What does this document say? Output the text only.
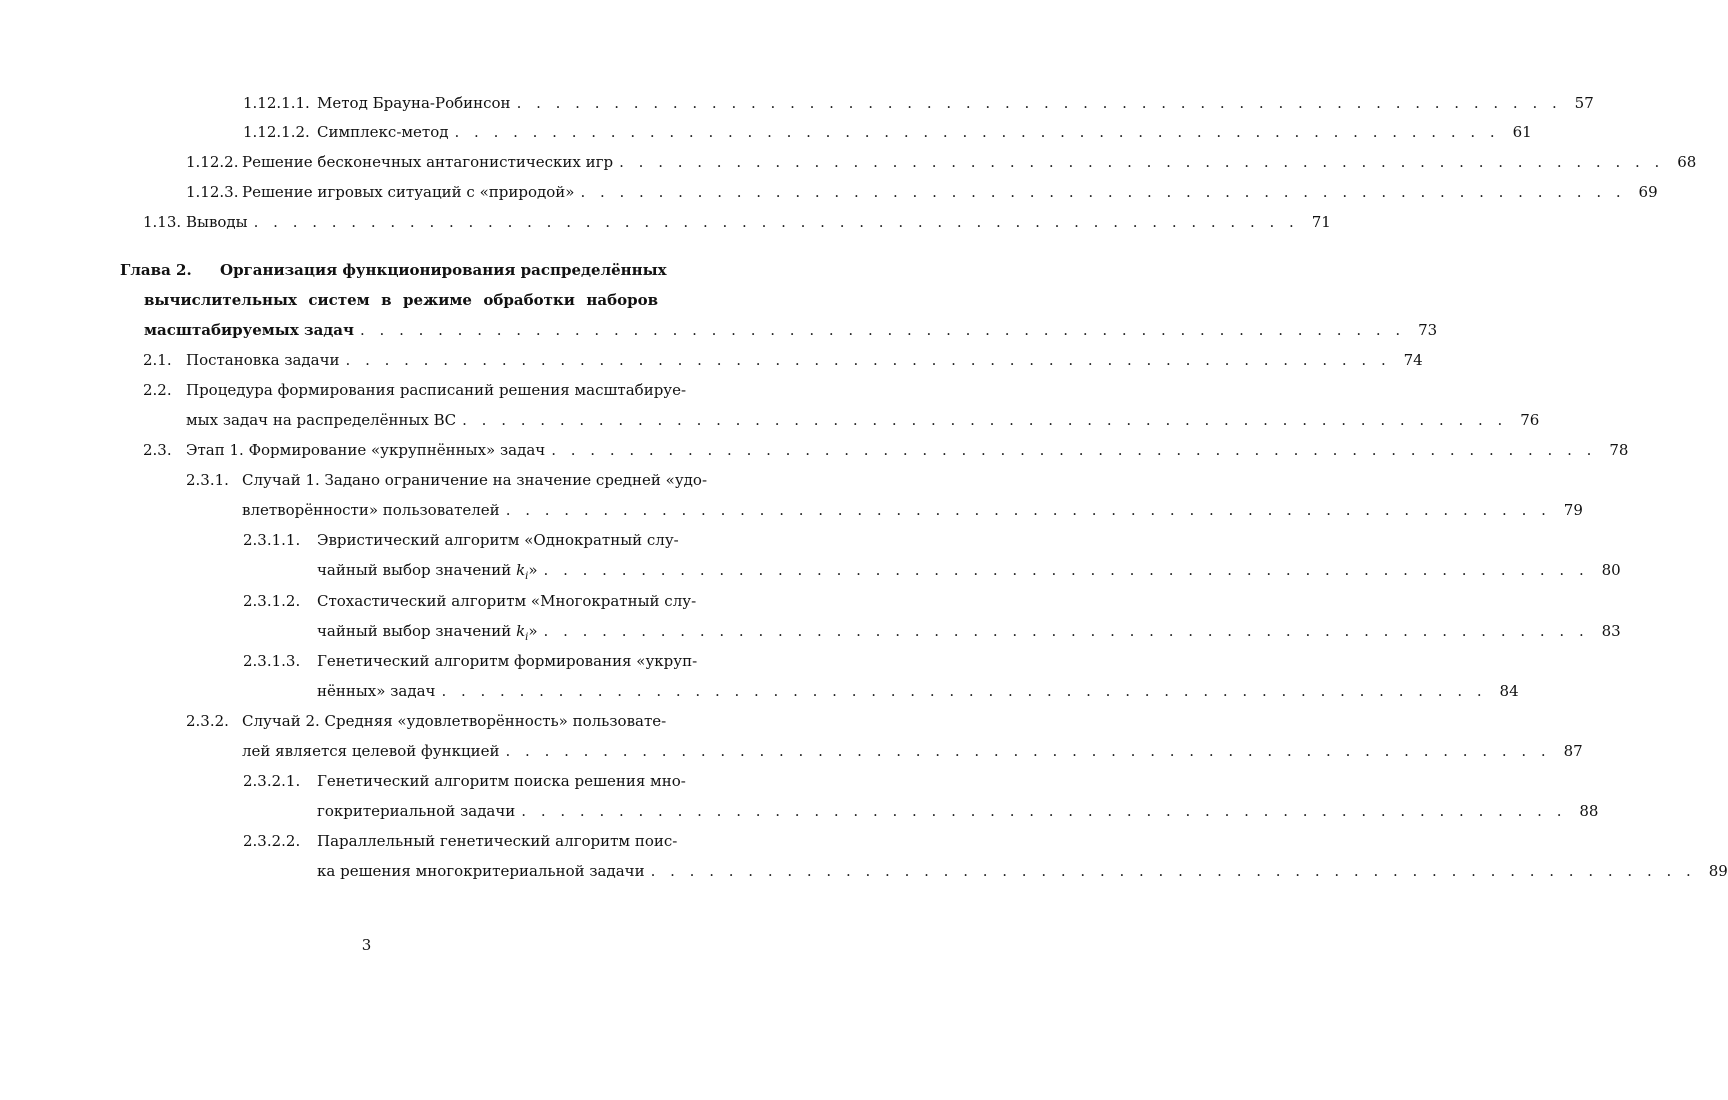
1.12.1.1. Метод Брауна-Робинсон . . . . . . . . . . . . . . . . . . . . . . . . . . . . . . . . . . . . . . . . . . . . . . . . . . . . . . 57
1.12.1.2. Симплекс-метод . . . . . . . . . . . . . . . . . . . . . . . . . . . . . . . . . . . . . . . . . . . . . . . . . . . . . . 61
1.12.2. Решение бесконечных антагонистических игр . . . . . . . . . . . . . . . . . . . . . . . . . . . . . . . . . . . . . . . . . . . . . . . . . . . . . . 68
1.12.3. Решение игровых ситуаций с «природой» . . . . . . . . . . . . . . . . . . . . . . . . . . . . . . . . . . . . . . . . . . . . . . . . . . . . . . 69
1.13. Выводы . . . . . . . . . . . . . . . . . . . . . . . . . . . . . . . . . . . . . . . . . . . . . . . . . . . . . . 71
Глава 2. Организация функционирования распределённых
вычислительных систем в режиме обработки наборов
масштабируемых задач . . . . . . . . . . . . . . . . . . . . . . . . . . . . . . . . . . . . . . . . . . . . . . . . . . . . . . 73
2.1. Постановка задачи . . . . . . . . . . . . . . . . . . . . . . . . . . . . . . . . . . . . . . . . . . . . . . . . . . . . . . 74
2.2. Процедура формирования расписаний решения масштабируе-
мых задач на распределённых ВС . . . . . . . . . . . . . . . . . . . . . . . . . . . . . . . . . . . . . . . . . . . . . . . . . . . . . . 76
2.3. Этап 1. Формирование «укрупнённых» задач . . . . . . . . . . . . . . . . . . . . . . . . . . . . . . . . . . . . . . . . . . . . . . . . . . . . . . 78
2.3.1. Случай 1. Задано ограничение на значение средней «удо-
влетворённости» пользователей . . . . . . . . . . . . . . . . . . . . . . . . . . . . . . . . . . . . . . . . . . . . . . . . . . . . . . 79
2.3.1.1. Эвристический алгоритм «Однократный слу-
чайный выбор значений $k_i$» . . . . . . . . . . . . . . . . . . . . . . . . . . . . . . . . . . . . . . . . . . . . . . . . . . . . . . 80
2.3.1.2. Стохастический алгоритм «Многократный слу-
чайный выбор значений $k_i$» . . . . . . . . . . . . . . . . . . . . . . . . . . . . . . . . . . . . . . . . . . . . . . . . . . . . . . 83
2.3.1.3. Генетический алгоритм формирования «укруп-
нённых» задач . . . . . . . . . . . . . . . . . . . . . . . . . . . . . . . . . . . . . . . . . . . . . . . . . . . . . . 84
2.3.2. Случай 2. Средняя «удовлетворённость» пользовате-
лей является целевой функцией . . . . . . . . . . . . . . . . . . . . . . . . . . . . . . . . . . . . . . . . . . . . . . . . . . . . . . 87
2.3.2.1. Генетический алгоритм поиска решения мно-
гокритериальной задачи . . . . . . . . . . . . . . . . . . . . . . . . . . . . . . . . . . . . . . . . . . . . . . . . . . . . . . 88
2.3.2.2. Параллельный генетический алгоритм поис-
ка решения многокритериальной задачи . . . . . . . . . . . . . . . . . . . . . . . . . . . . . . . . . . . . . . . . . . . . . . . . . . . . . . 89
3
